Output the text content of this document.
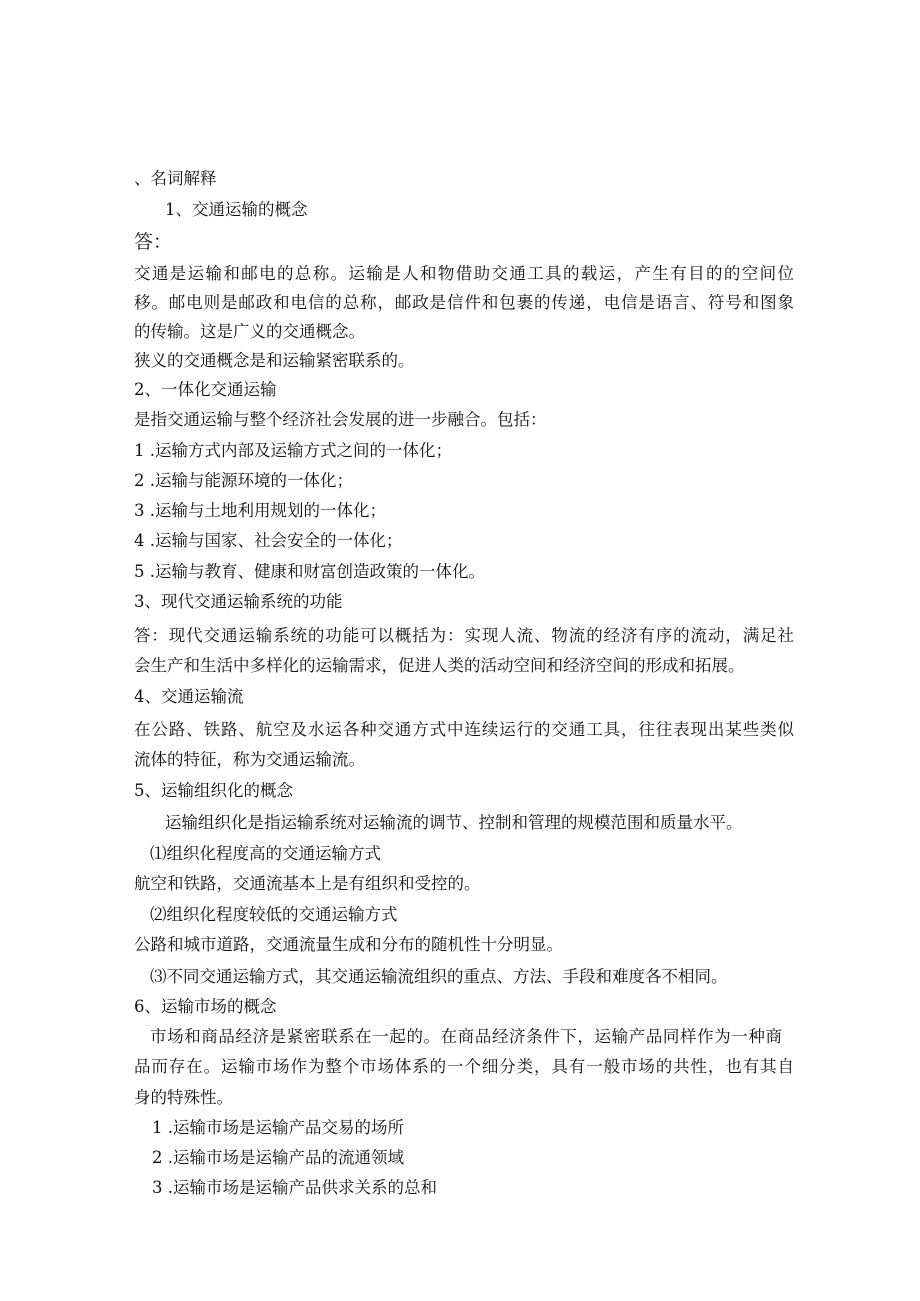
、名词解释
1、交通运输的概念
答：
交通是运输和邮电的总称。运输是人和物借助交通工具的载运，产生有目的的空间位
移。邮电则是邮政和电信的总称，邮政是信件和包裹的传递，电信是语言、符号和图象
的传输。这是广义的交通概念。
狭义的交通概念是和运输紧密联系的。
2、一体化交通运输
是指交通运输与整个经济社会发展的进一步融合。包括：
1 .运输方式内部及运输方式之间的一体化；
2 .运输与能源环境的一体化；
3 .运输与土地利用规划的一体化；
4 .运输与国家、社会安全的一体化；
5 .运输与教育、健康和财富创造政策的一体化。
3、现代交通运输系统的功能
答：现代交通运输系统的功能可以概括为：实现人流、物流的经济有序的流动，满足社
会生产和生活中多样化的运输需求，促进人类的活动空间和经济空间的形成和拓展。
4、交通运输流
在公路、铁路、航空及水运各种交通方式中连续运行的交通工具，往往表现出某些类似
流体的特征，称为交通运输流。
5、运输组织化的概念
运输组织化是指运输系统对运输流的调节、控制和管理的规模范围和质量水平。
⑴组织化程度高的交通运输方式
航空和铁路，交通流基本上是有组织和受控的。
⑵组织化程度较低的交通运输方式
公路和城市道路，交通流量生成和分布的随机性十分明显。
⑶不同交通运输方式，其交通运输流组织的重点、方法、手段和难度各不相同。
6、运输市场的概念
市场和商品经济是紧密联系在一起的。在商品经济条件下，运输产品同样作为一种商
品而存在。运输市场作为整个市场体系的一个细分类，具有一般市场的共性，也有其自
身的特殊性。
1 .运输市场是运输产品交易的场所
2 .运输市场是运输产品的流通领域
3 .运输市场是运输产品供求关系的总和
